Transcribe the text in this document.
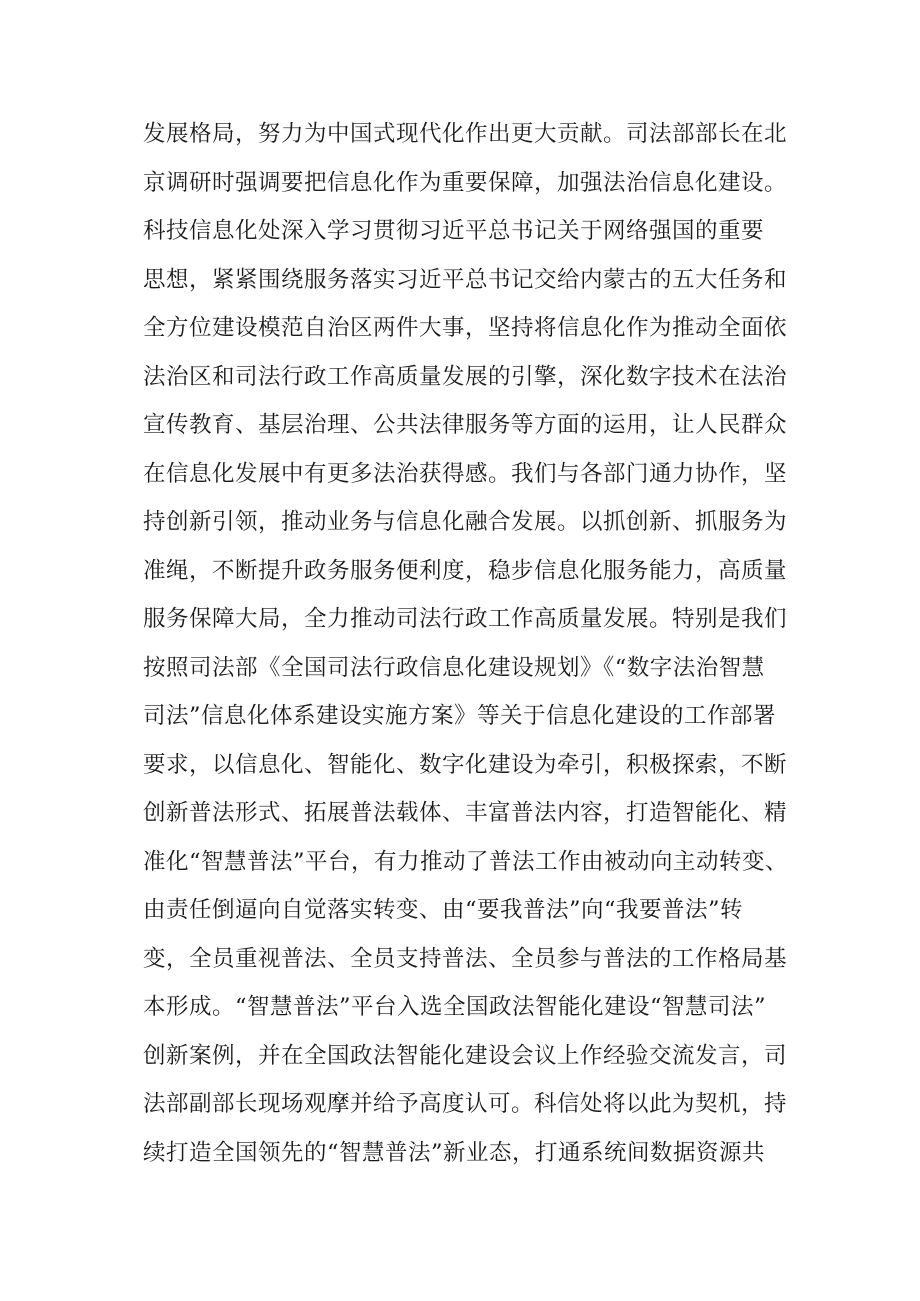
发展格局，努力为中国式现代化作出更大贡献。司法部部长在北
京调研时强调要把信息化作为重要保障，加强法治信息化建设。
科技信息化处深入学习贯彻习近平总书记关于网络强国的重要
思想，紧紧围绕服务落实习近平总书记交给内蒙古的五大任务和
全方位建设模范自治区两件大事，坚持将信息化作为推动全面依
法治区和司法行政工作高质量发展的引擎，深化数字技术在法治
宣传教育、基层治理、公共法律服务等方面的运用，让人民群众
在信息化发展中有更多法治获得感。我们与各部门通力协作，坚
持创新引领，推动业务与信息化融合发展。以抓创新、抓服务为
准绳，不断提升政务服务便利度，稳步信息化服务能力，高质量
服务保障大局，全力推动司法行政工作高质量发展。特别是我们
按照司法部《全国司法行政信息化建设规划》《“数字法治智慧
司法”信息化体系建设实施方案》等关于信息化建设的工作部署
要求，以信息化、智能化、数字化建设为牵引，积极探索，不断
创新普法形式、拓展普法载体、丰富普法内容，打造智能化、精
准化“智慧普法”平台，有力推动了普法工作由被动向主动转变、
由责任倒逼向自觉落实转变、由“要我普法”向“我要普法”转
变，全员重视普法、全员支持普法、全员参与普法的工作格局基
本形成。“智慧普法”平台入选全国政法智能化建设“智慧司法”
创新案例，并在全国政法智能化建设会议上作经验交流发言，司
法部副部长现场观摩并给予高度认可。科信处将以此为契机，持
续打造全国领先的“智慧普法”新业态，打通系统间数据资源共
